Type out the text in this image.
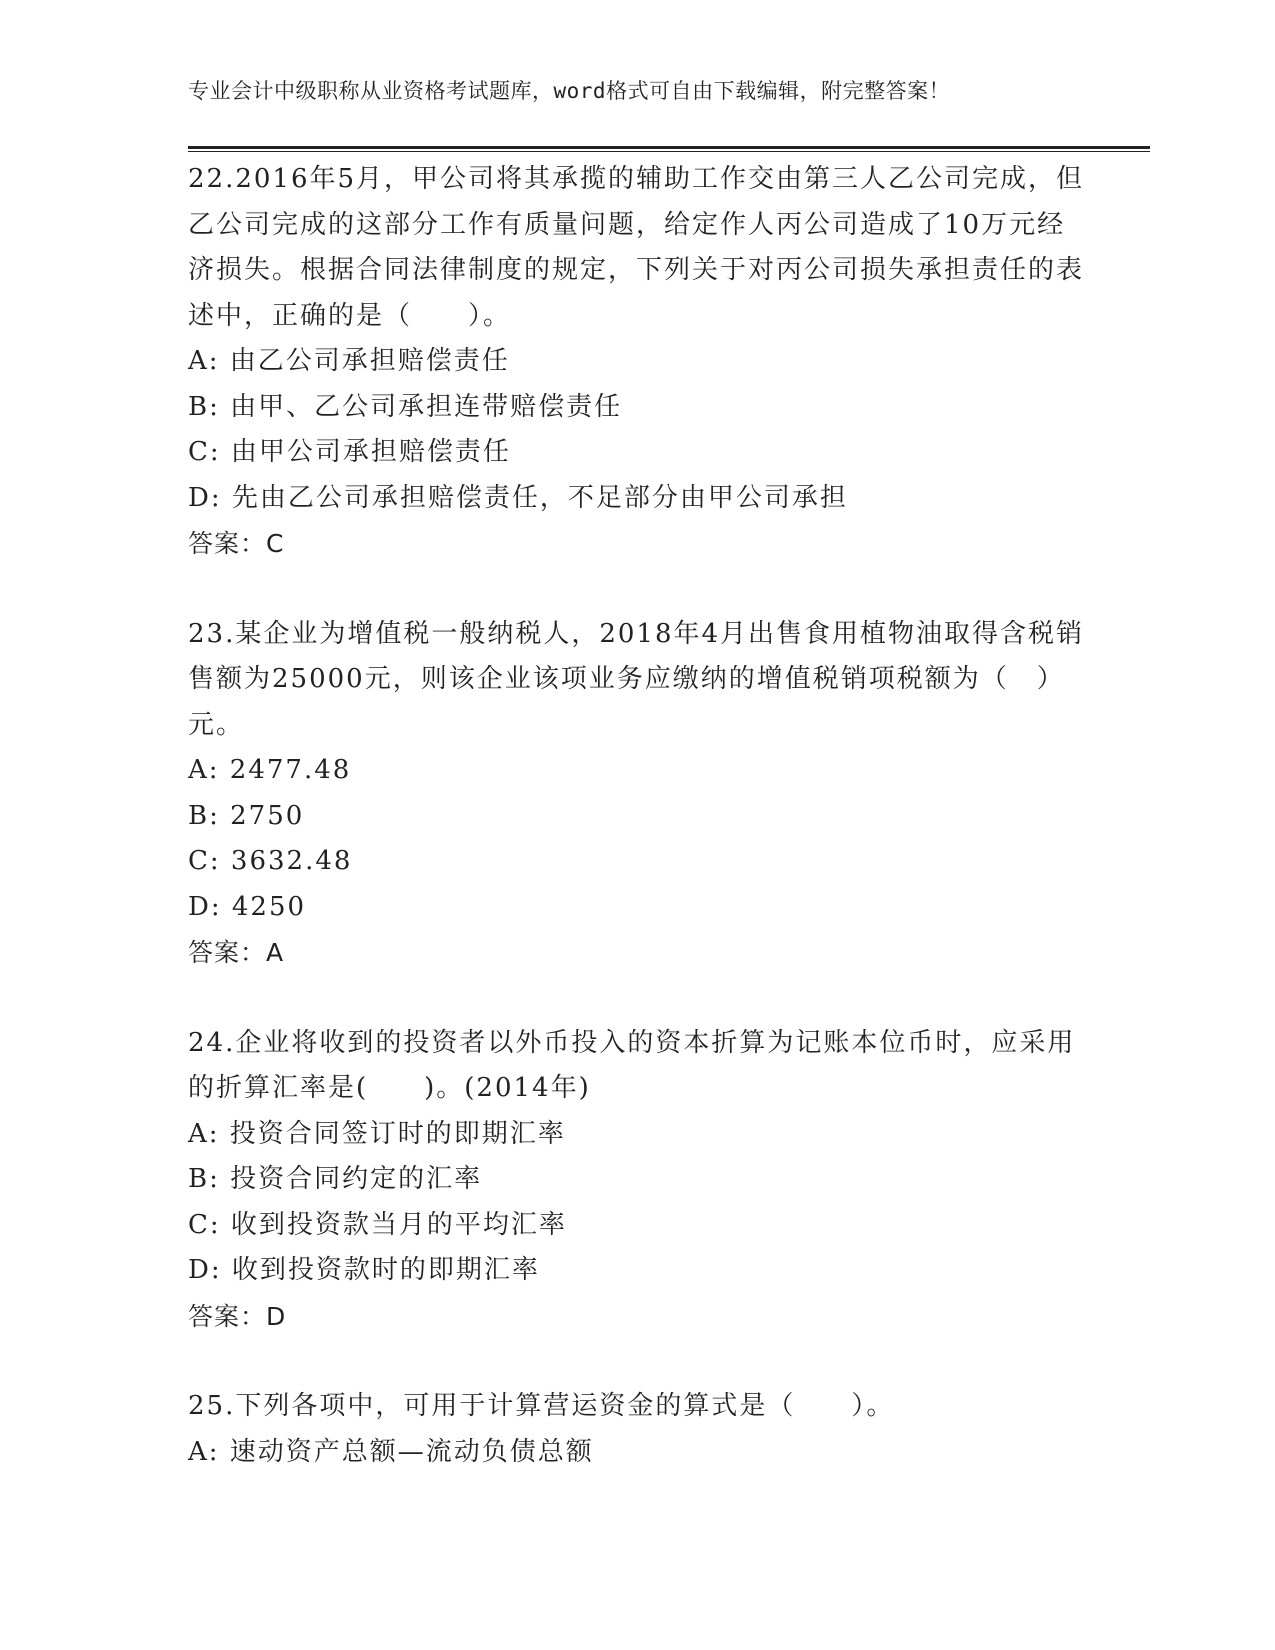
专业会计中级职称从业资格考试题库，word格式可自由下载编辑，附完整答案！

22.2016年5月，甲公司将其承揽的辅助工作交由第三人乙公司完成，但乙公司完成的这部分工作有质量问题，给定作人丙公司造成了10万元经济损失。根据合同法律制度的规定，下列关于对丙公司损失承担责任的表述中，正确的是（　　）。

A: 由乙公司承担赔偿责任

B: 由甲、乙公司承担连带赔偿责任

C: 由甲公司承担赔偿责任

D: 先由乙公司承担赔偿责任，不足部分由甲公司承担

答案：C

23.某企业为增值税一般纳税人，2018年4月出售食用植物油取得含税销售额为25000元，则该企业该项业务应缴纳的增值税销项税额为（　）元。

A: 2477.48

B: 2750

C: 3632.48

D: 4250

答案：A

24.企业将收到的投资者以外币投入的资本折算为记账本位币时，应采用的折算汇率是(　　)。(2014年)

A: 投资合同签订时的即期汇率

B: 投资合同约定的汇率

C: 收到投资款当月的平均汇率

D: 收到投资款时的即期汇率

答案：D

25.下列各项中，可用于计算营运资金的算式是（　　）。

A: 速动资产总额—流动负债总额
